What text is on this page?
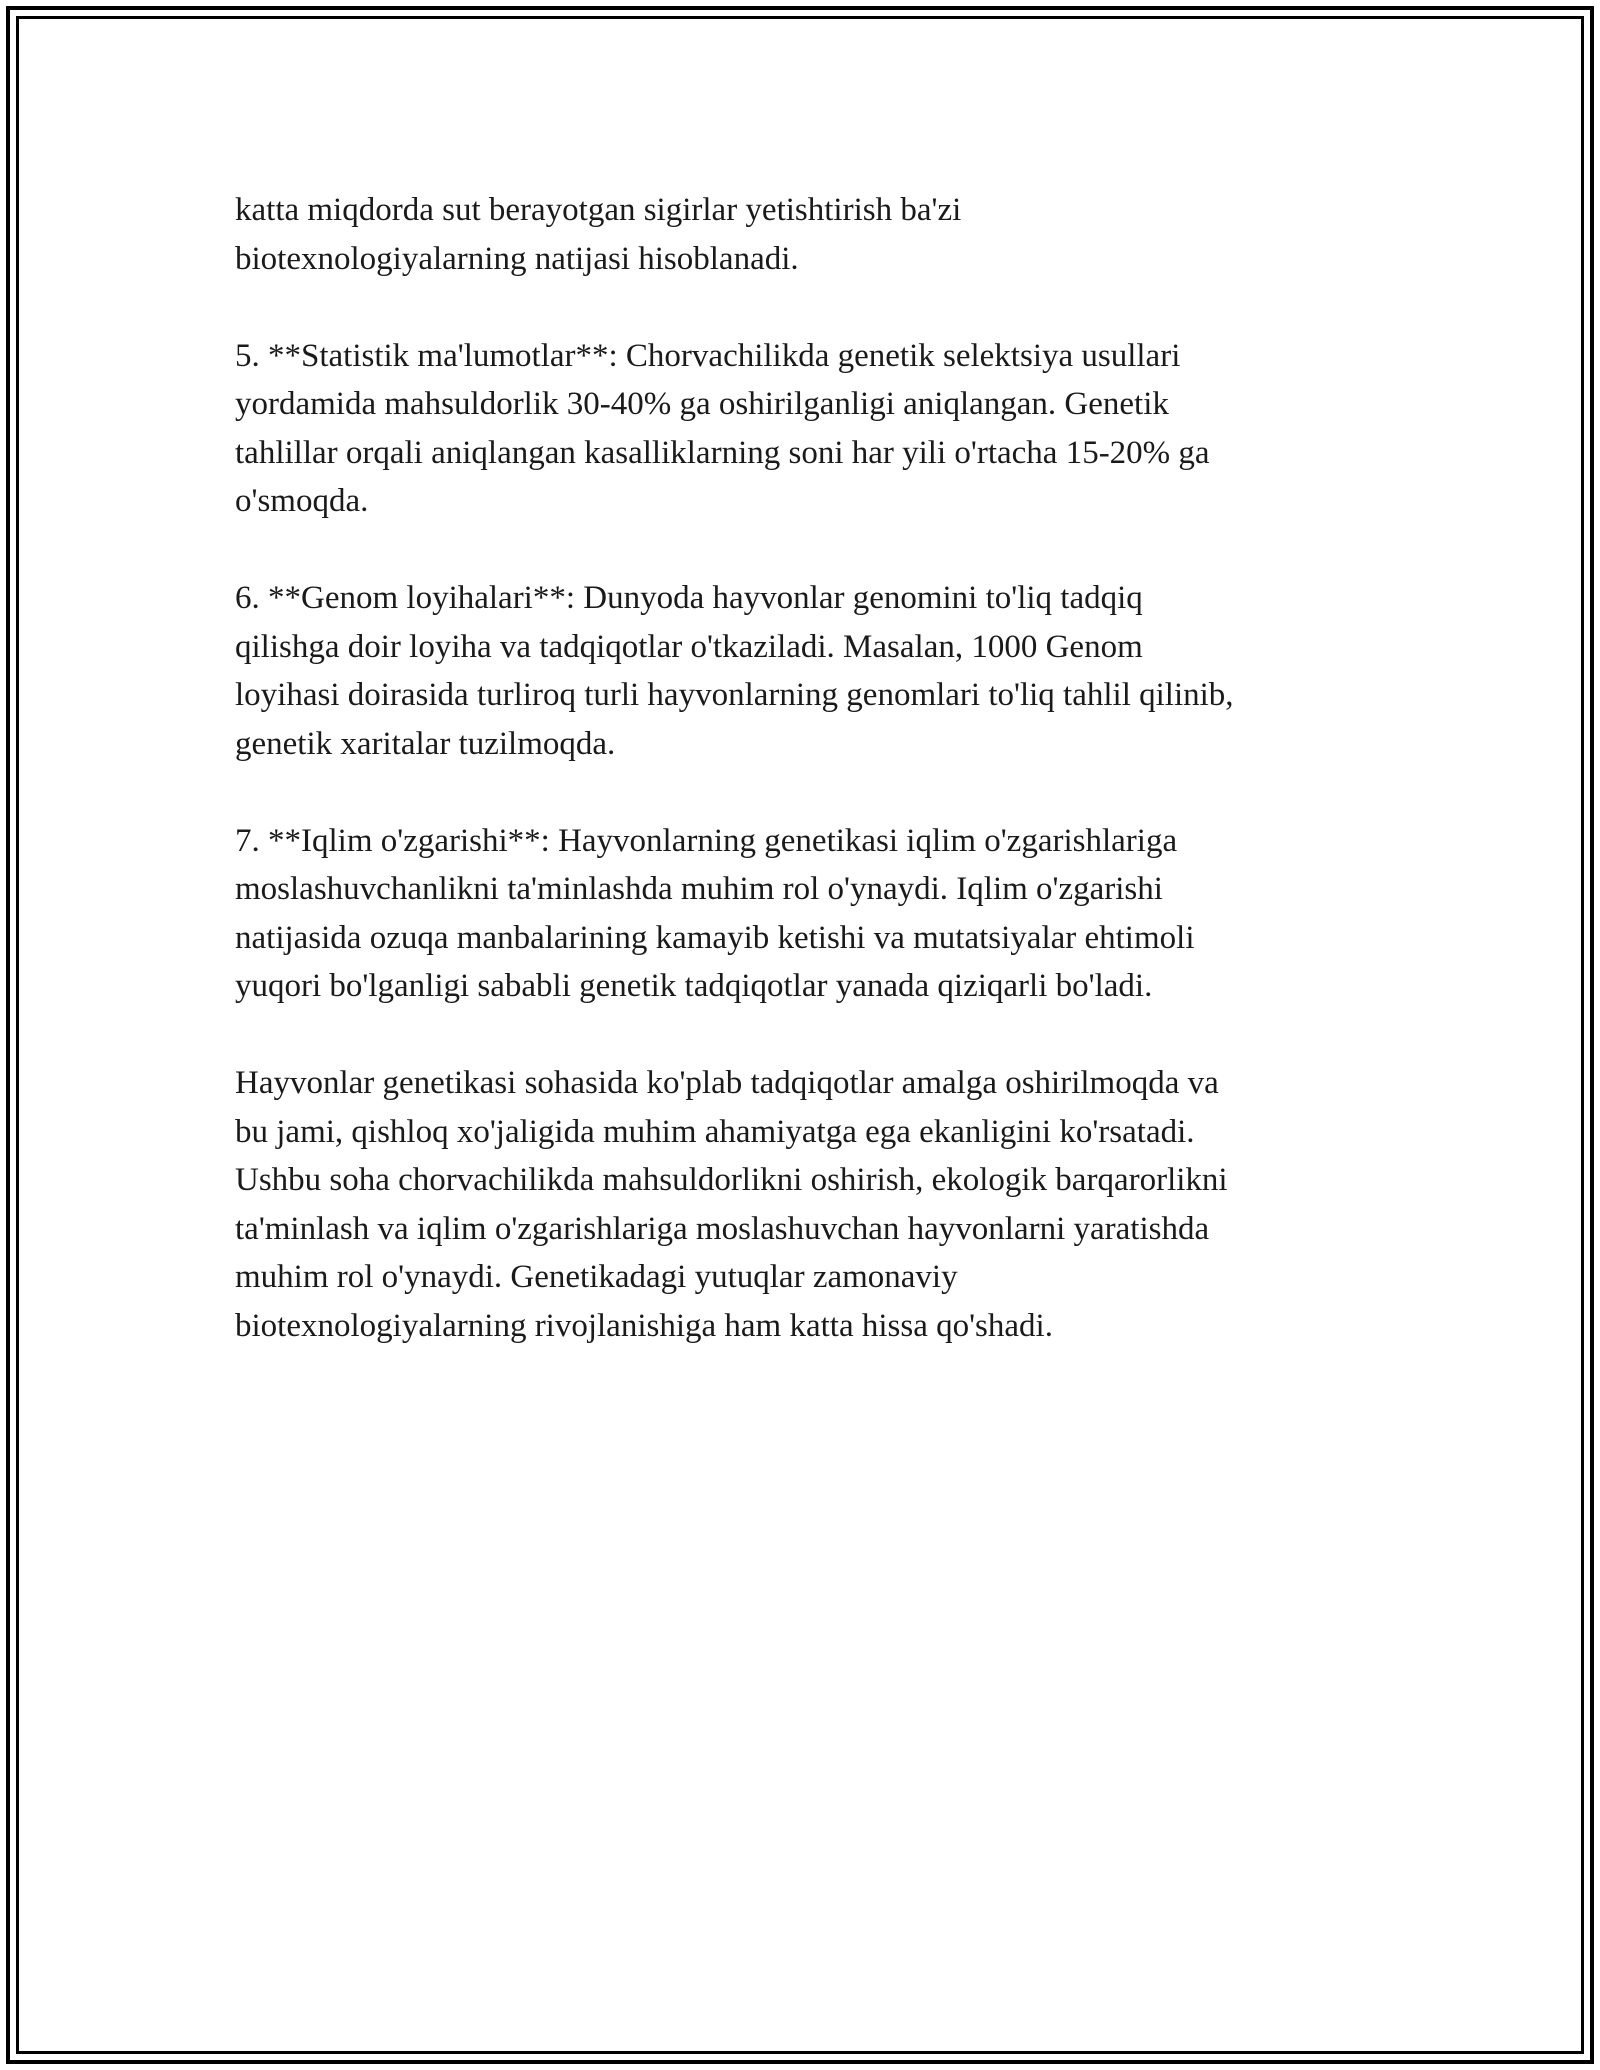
katta miqdorda sut berayotgan sigirlar yetishtirish ba'zi
biotexnologiyalarning natijasi hisoblanadi.

5. **Statistik ma'lumotlar**: Chorvachilikda genetik selektsiya usullari
yordamida mahsuldorlik 30-40% ga oshirilganligi aniqlangan. Genetik
tahlillar orqali aniqlangan kasalliklarning soni har yili o'rtacha 15-20% ga
o'smoqda.

6. **Genom loyihalari**: Dunyoda hayvonlar genomini to'liq tadqiq
qilishga doir loyiha va tadqiqotlar o'tkaziladi. Masalan, 1000 Genom
loyihasi doirasida turliroq turli hayvonlarning genomlari to'liq tahlil qilinib,
genetik xaritalar tuzilmoqda.

7. **Iqlim o'zgarishi**: Hayvonlarning genetikasi iqlim o'zgarishlariga
moslashuvchanlikni ta'minlashda muhim rol o'ynaydi. Iqlim o'zgarishi
natijasida ozuqa manbalarining kamayib ketishi va mutatsiyalar ehtimoli
yuqori bo'lganligi sababli genetik tadqiqotlar yanada qiziqarli bo'ladi.

Hayvonlar genetikasi sohasida ko'plab tadqiqotlar amalga oshirilmoqda va
bu jami, qishloq xo'jaligida muhim ahamiyatga ega ekanligini ko'rsatadi.
Ushbu soha chorvachilikda mahsuldorlikni oshirish, ekologik barqarorlikni
ta'minlash va iqlim o'zgarishlariga moslashuvchan hayvonlarni yaratishda
muhim rol o'ynaydi. Genetikadagi yutuqlar zamonaviy
biotexnologiyalarning rivojlanishiga ham katta hissa qo'shadi.
